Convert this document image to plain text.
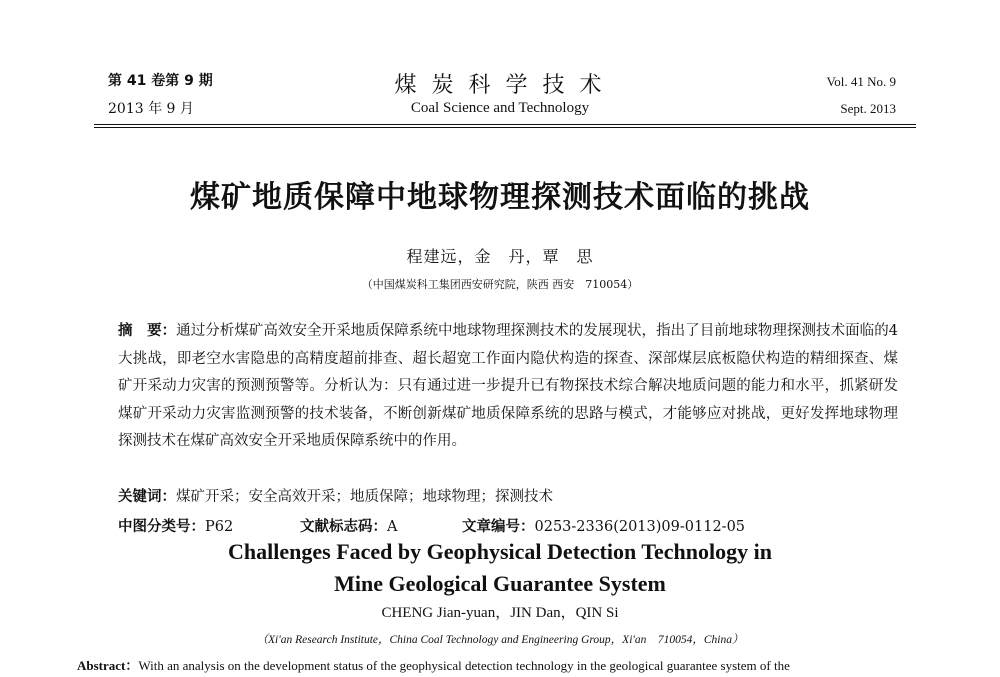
第 41 卷第 9 期
2013 年 9 月
煤 炭 科 学 技 术
Coal Science and Technology
Vol. 41 No. 9
Sept. 2013
煤矿地质保障中地球物理探测技术面临的挑战
程建远，金　丹，覃　思
（中国煤炭科工集团西安研究院，陕西 西安　710054）
摘　要：通过分析煤矿高效安全开采地质保障系统中地球物理探测技术的发展现状，指出了目前地球物理探测技术面临的4大挑战，即老空水害隐患的高精度超前排查、超长超宽工作面内隐伏构造的探查、深部煤层底板隐伏构造的精细探查、煤矿开采动力灾害的预测预警等。分析认为：只有通过进一步提升已有物探技术综合解决地质问题的能力和水平，抓紧研发煤矿开采动力灾害监测预警的技术装备，不断创新煤矿地质保障系统的思路与模式，才能够应对挑战，更好发挥地球物理探测技术在煤矿高效安全开采地质保障系统中的作用。
关键词：煤矿开采；安全高效开采；地质保障；地球物理；探测技术
中图分类号：P62	文献标志码：A	文章编号：0253-2336(2013)09-0112-05
Challenges Faced by Geophysical Detection Technology in
Mine Geological Guarantee System
CHENG Jian-yuan，JIN Dan，QIN Si
（Xi'an Research Institute，China Coal Technology and Engineering Group，Xi'an　710054，China）
Abstract：With an analysis on the development status of the geophysical detection technology in the geological guarantee system of the
